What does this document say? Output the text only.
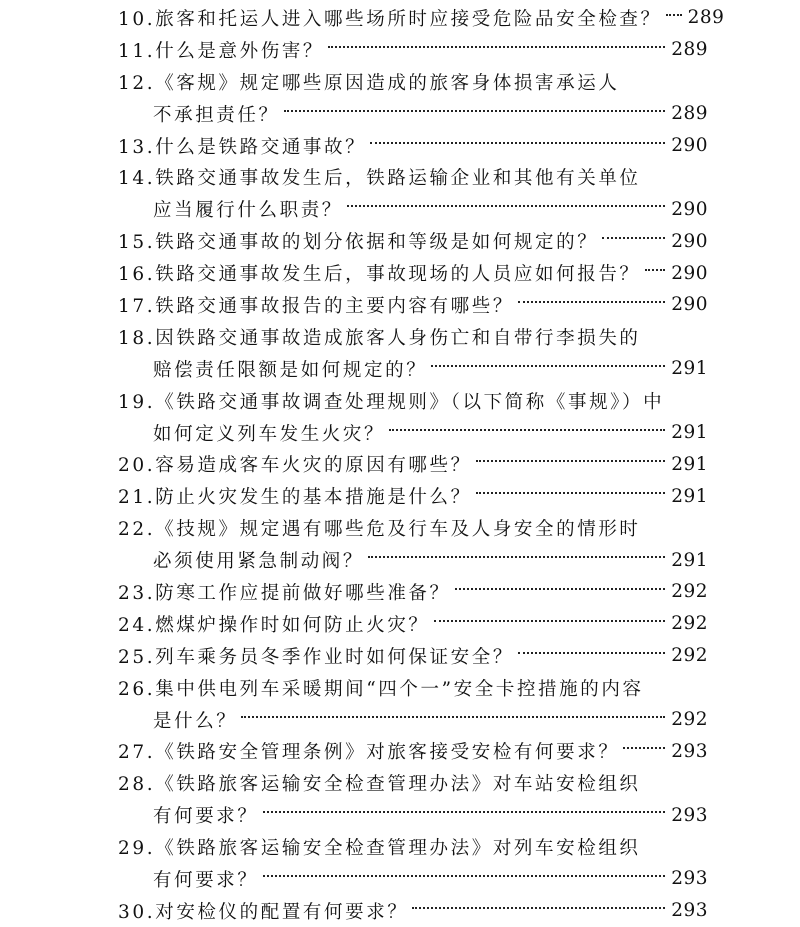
10.旅客和托运人进入哪些场所时应接受危险品安全检查？ 289
11.什么是意外伤害？	289
12.《客规》规定哪些原因造成的旅客身体损害承运人
不承担责任？	289
13.什么是铁路交通事故？	290
14.铁路交通事故发生后，铁路运输企业和其他有关单位
应当履行什么职责？	290
15.铁路交通事故的划分依据和等级是如何规定的？	290
16.铁路交通事故发生后，事故现场的人员应如何报告？ 290
17.铁路交通事故报告的主要内容有哪些？	290
18.因铁路交通事故造成旅客人身伤亡和自带行李损失的
赔偿责任限额是如何规定的？	291
19.《铁路交通事故调查处理规则》（以下简称《事规》）中
如何定义列车发生火灾？	291
20.容易造成客车火灾的原因有哪些？	291
21.防止火灾发生的基本措施是什么？	291
22.《技规》规定遇有哪些危及行车及人身安全的情形时
必须使用紧急制动阀？	291
23.防寒工作应提前做好哪些准备？	292
24.燃煤炉操作时如何防止火灾？	292
25.列车乘务员冬季作业时如何保证安全？	292
26.集中供电列车采暖期间“四个一”安全卡控措施的内容
是什么？	292
27.《铁路安全管理条例》对旅客接受安检有何要求？	293
28.《铁路旅客运输安全检查管理办法》对车站安检组织
有何要求？	293
29.《铁路旅客运输安全检查管理办法》对列车安检组织
有何要求？	293
30.对安检仪的配置有何要求？	293
